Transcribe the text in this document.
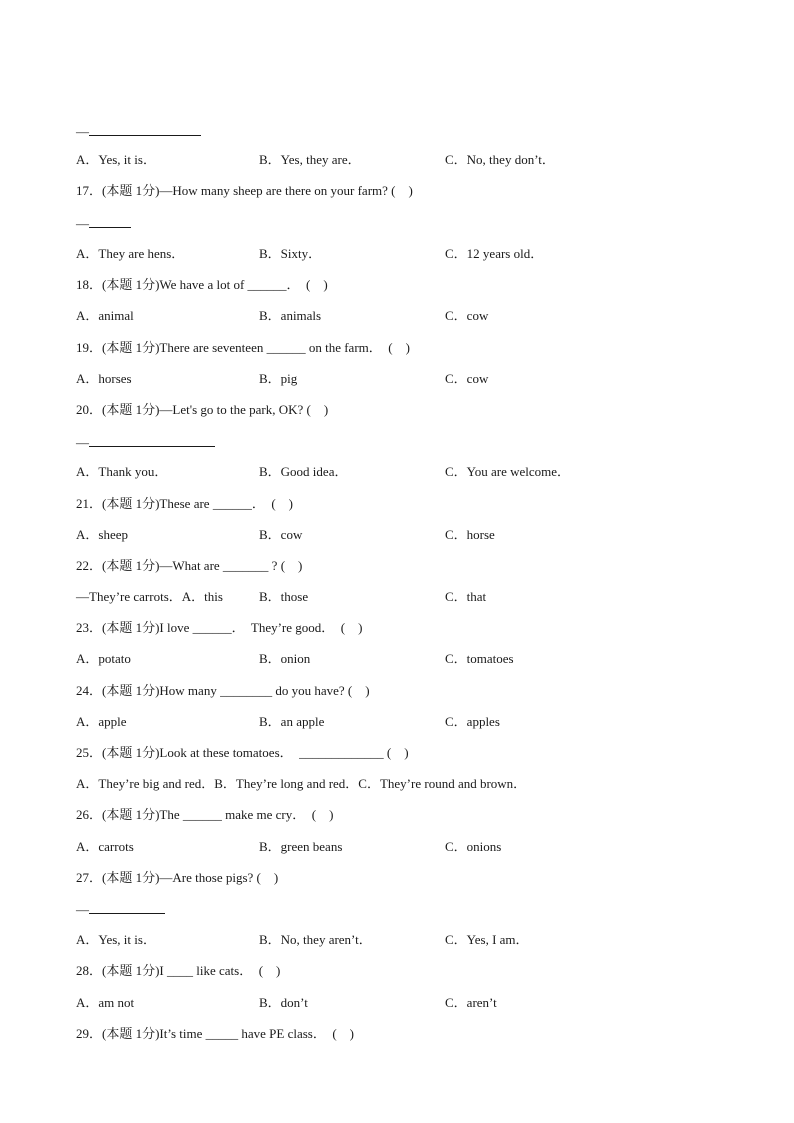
—
A．Yes, it is．	B．Yes, they are．	C．No, they don’t．
17．(本题 1分)—How many sheep are there on your farm? (    )
—
A．They are hens．	B．Sixty．	C．12 years old．
18．(本题 1分)We have a lot of ______．  (    )
A．animal	B．animals	C．cow
19．(本题 1分)There are seventeen ______ on the farm．  (    )
A．horses	B．pig	C．cow
20．(本题 1分)—Let's go to the park, OK? (    )
—
A．Thank you．	B．Good idea．	C．You are welcome．
21．(本题 1分)These are ______．  (    )
A．sheep	B．cow	C．horse
22．(本题 1分)—What are _______ ? (    )
—They’re carrots．A．this	B．those	C．that
23．(本题 1分)I love ______．  They’re good．  (    )
A．potato	B．onion	C．tomatoes
24．(本题 1分)How many ________ do you have? (    )
A．apple	B．an apple	C．apples
25．(本题 1分)Look at these tomatoes．  _____________ (    )
A．They’re big and red．B．They’re long and red．C．They’re round and brown．
26．(本题 1分)The ______ make me cry．  (    )
A．carrots	B．green beans	C．onions
27．(本题 1分)—Are those pigs? (    )
—
A．Yes, it is．	B．No, they aren’t．	C．Yes, I am．
28．(本题 1分)I ____ like cats．  (    )
A．am not	B．don’t	C．aren’t
29．(本题 1分)It’s time _____ have PE class．  (    )
